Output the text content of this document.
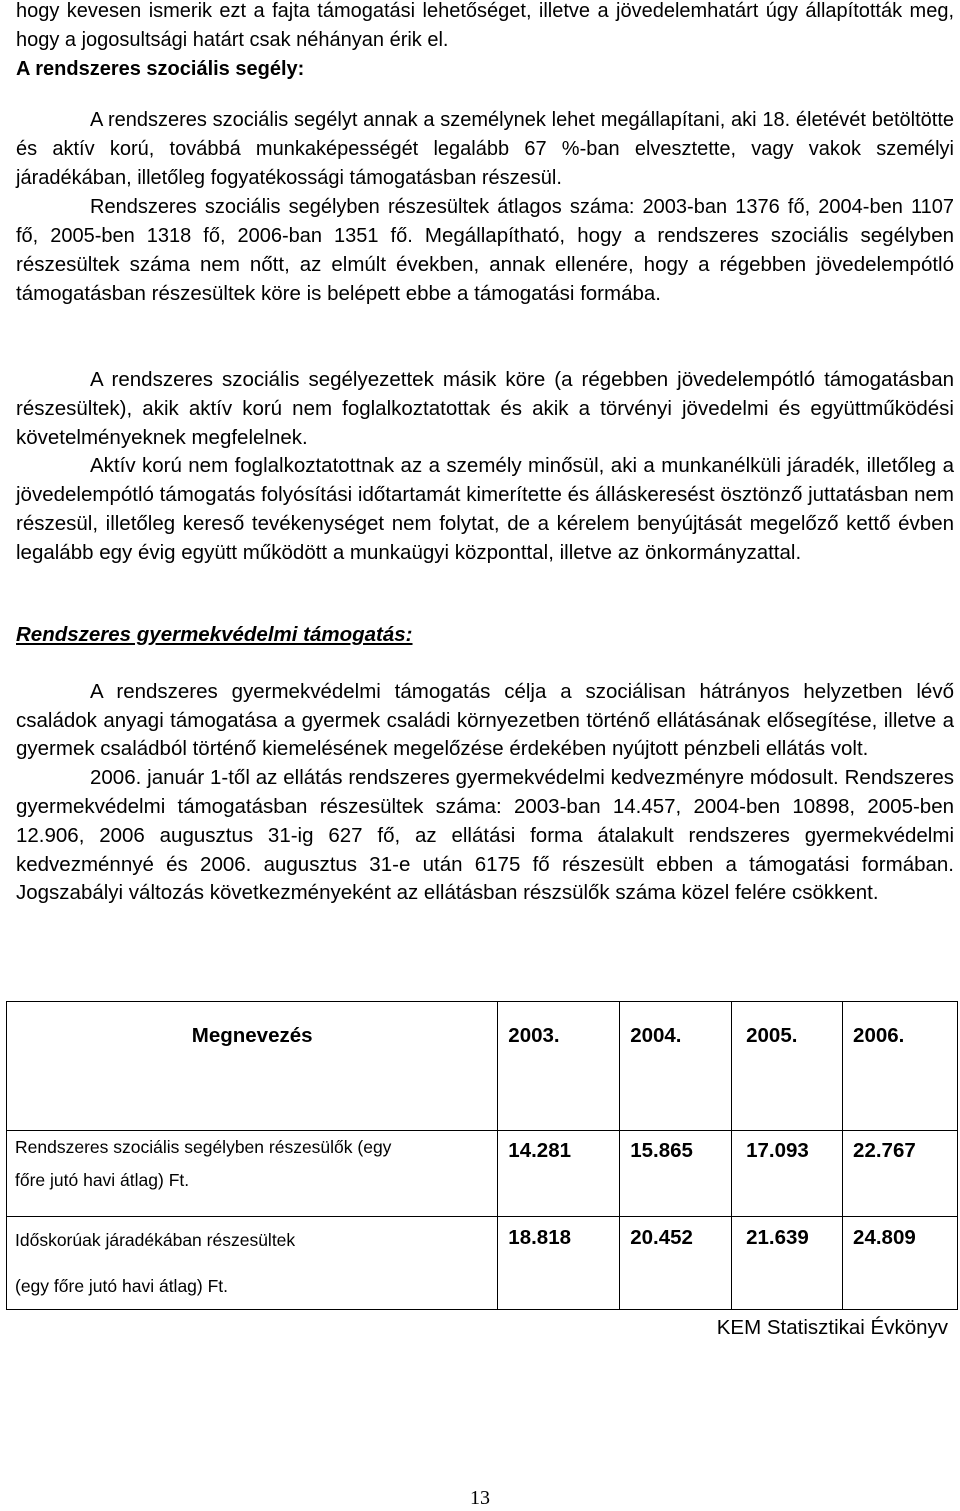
hogy kevesen ismerik ezt a fajta támogatási lehetőséget, illetve a jövedelemhatárt úgy állapították meg, hogy a jogosultsági határt csak néhányan érik el.

A rendszeres szociális segély:

A rendszeres szociális segélyt annak a személynek lehet megállapítani, aki 18. életévét betöltötte és aktív korú, továbbá munkaképességét legalább 67 %-ban elvesztette, vagy vakok személyi járadékában, illetőleg fogyatékossági támogatásban részesül.

Rendszeres szociális segélyben részesültek átlagos száma: 2003-ban 1376 fő, 2004-ben 1107 fő, 2005-ben 1318 fő, 2006-ban 1351 fő. Megállapítható, hogy a rendszeres szociális segélyben részesültek száma nem nőtt, az elmúlt években, annak ellenére, hogy a régebben jövedelempótló támogatásban részesültek köre is belépett ebbe a támogatási formába.

A rendszeres szociális segélyezettek másik köre (a régebben jövedelempótló támogatásban részesültek), akik aktív korú nem foglalkoztatottak és akik a törvényi jövedelmi és együttműködési követelményeknek megfelelnek.

Aktív korú nem foglalkoztatottnak az a személy minősül, aki a munkanélküli járadék, illetőleg a jövedelempótló támogatás folyósítási időtartamát kimerítette és álláskeresést ösztönző juttatásban nem részesül, illetőleg kereső tevékenységet nem folytat, de a kérelem benyújtását megelőző kettő évben legalább egy évig együtt működött a munkaügyi központtal, illetve az önkormányzattal.

Rendszeres gyermekvédelmi támogatás:

A rendszeres gyermekvédelmi támogatás célja a szociálisan hátrányos helyzetben lévő családok anyagi támogatása a gyermek családi környezetben történő ellátásának elősegítése, illetve a gyermek családból történő kiemelésének megelőzése érdekében nyújtott pénzbeli ellátás volt.

2006. január 1-től az ellátás rendszeres gyermekvédelmi kedvezményre módosult. Rendszeres gyermekvédelmi támogatásban részesültek száma: 2003-ban 14.457, 2004-ben 10898, 2005-ben 12.906, 2006 augusztus 31-ig 627 fő, az ellátási forma átalakult rendszeres gyermekvédelmi kedvezménnyé és 2006. augusztus 31-e után 6175 fő részesült ebben a támogatási formában. Jogszabályi változás következményeként az ellátásban részsülők száma közel felére csökkent.

Megnevezés	2003.	2004.	2005.	2006.

Rendszeres szociális segélyben részesülők (egy
főre jutó havi átlag) Ft.	14.281	15.865	17.093	22.767

Időskorúak járadékában részesültek
(egy főre jutó havi átlag) Ft.	18.818	20.452	21.639	24.809
KEM Statisztikai Évkönyv
13
